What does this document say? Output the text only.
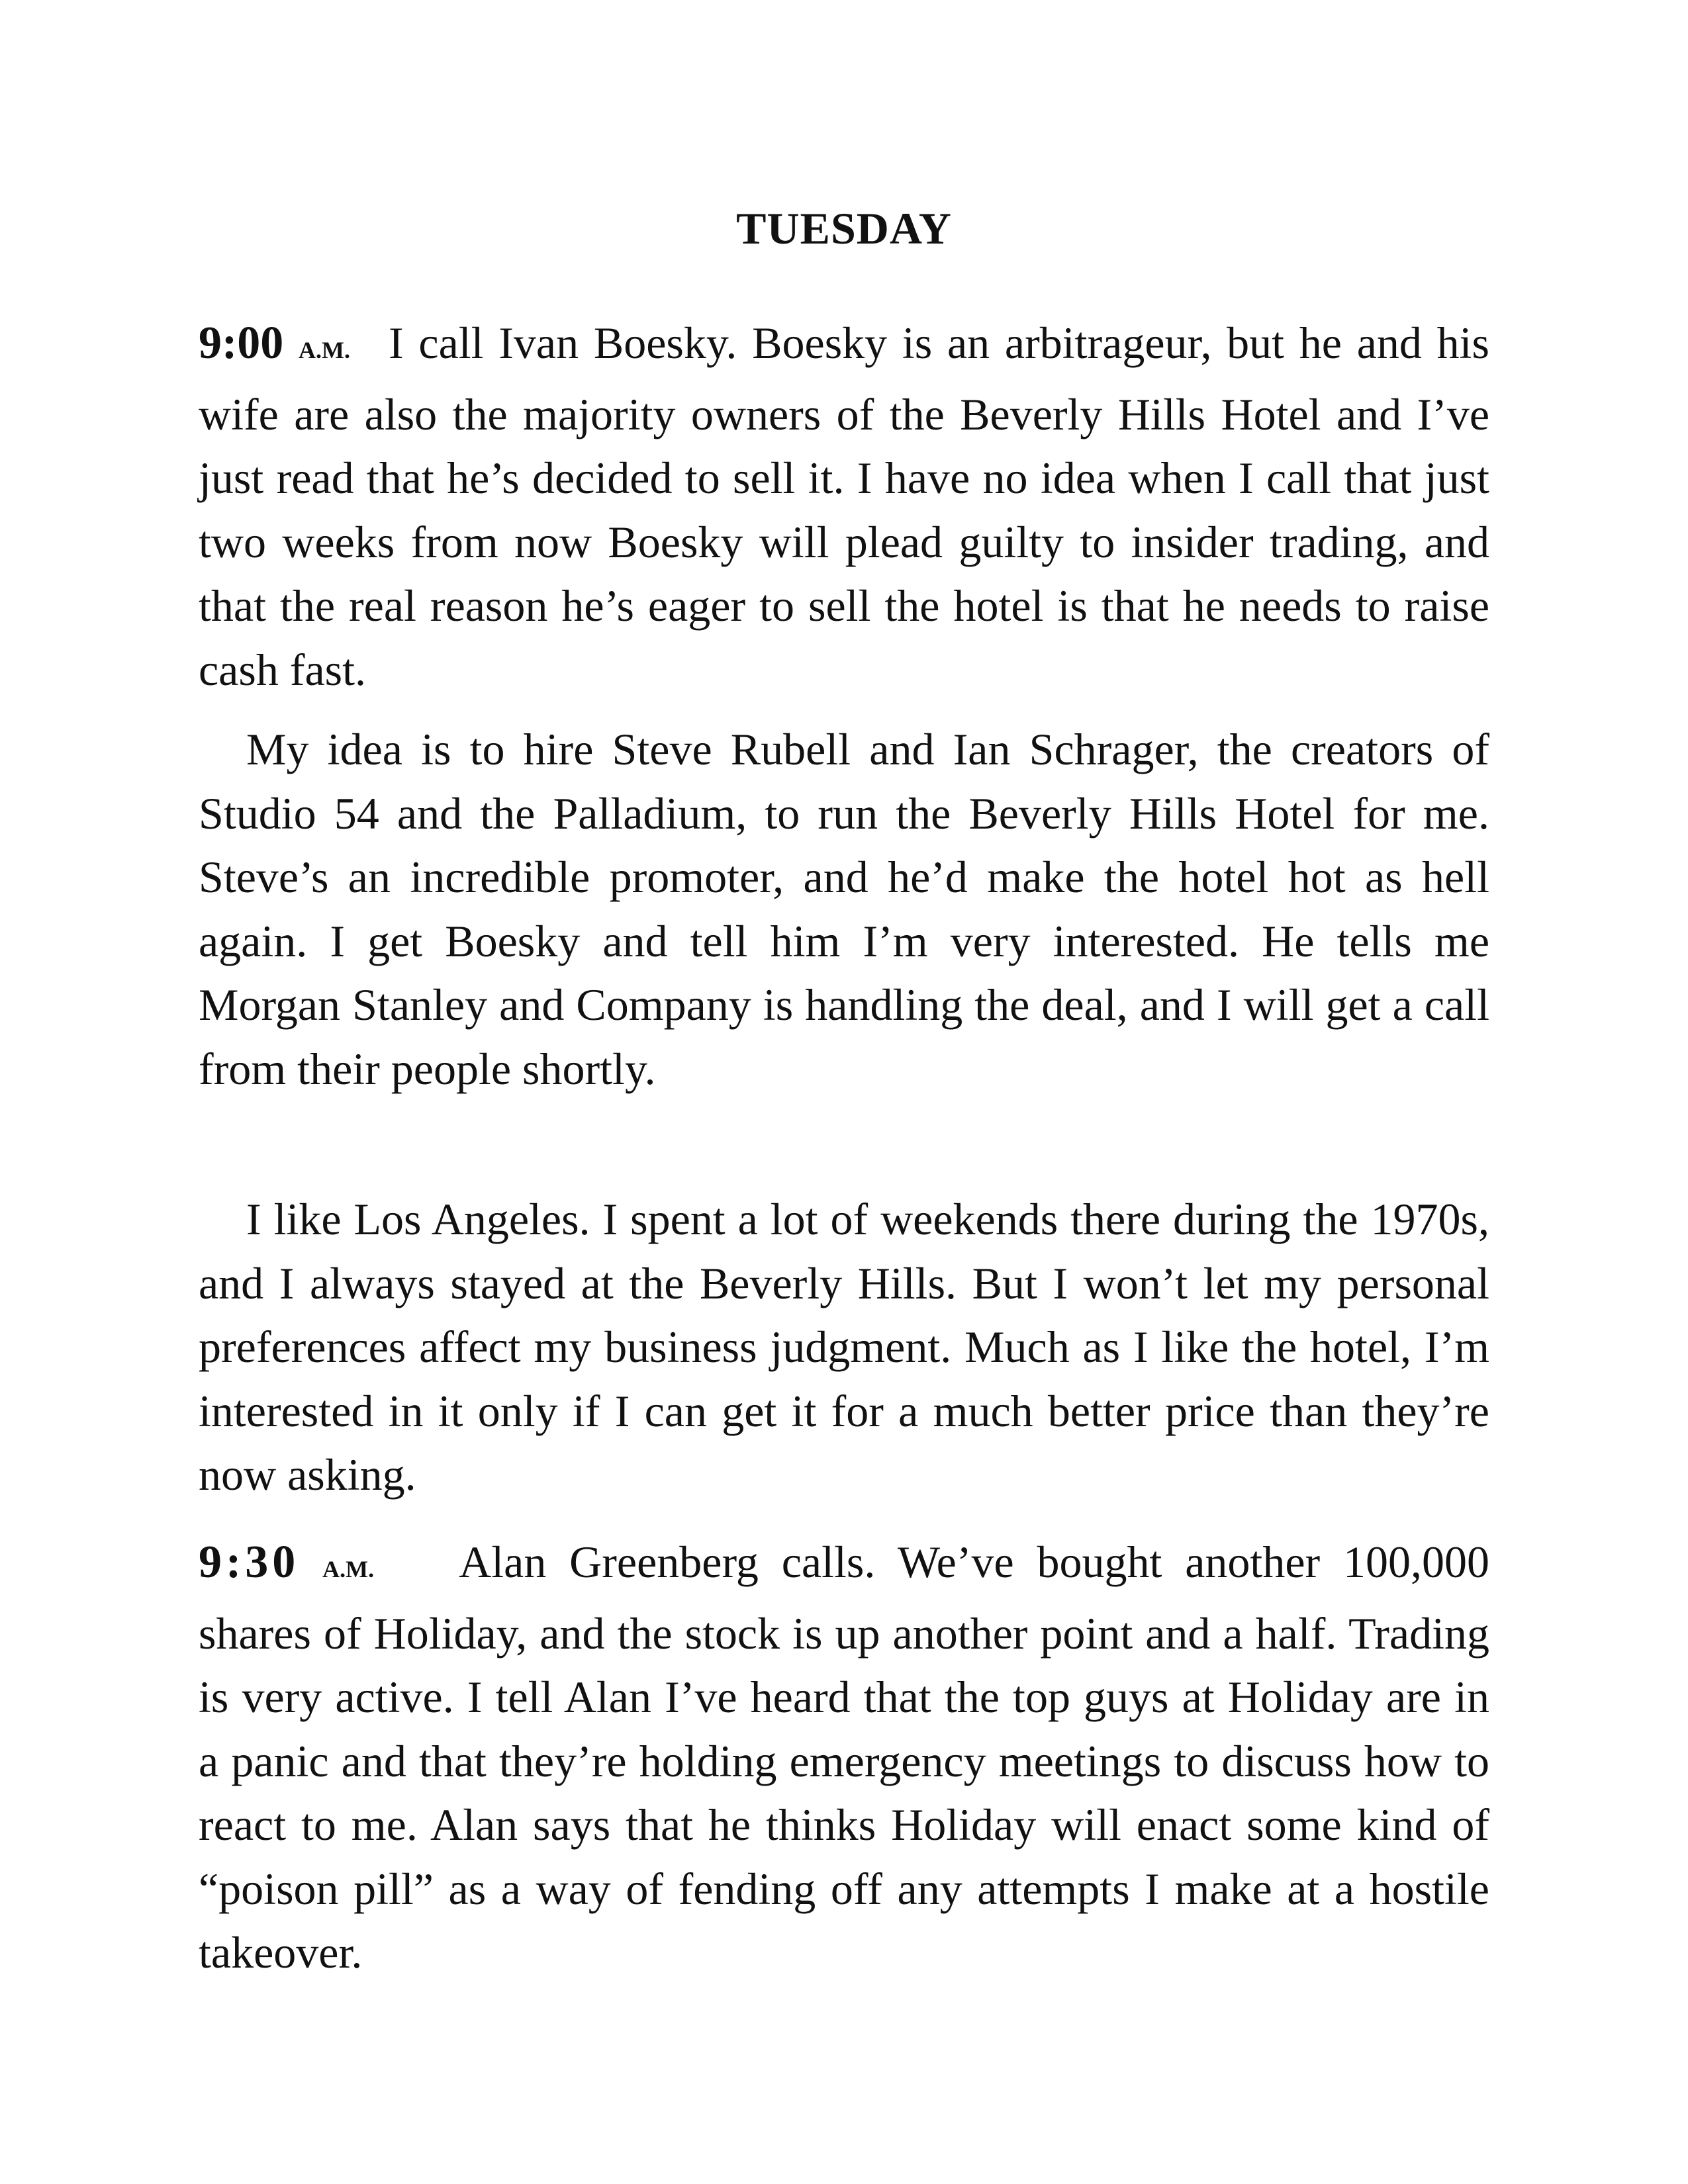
TUESDAY

9:00 A.M. I call Ivan Boesky. Boesky is an arbitrageur, but he and his wife are also the majority owners of the Beverly Hills Hotel and I’ve just read that he’s decided to sell it. I have no idea when I call that just two weeks from now Boesky will plead guilty to insider trading, and that the real reason he’s eager to sell the hotel is that he needs to raise cash fast.

My idea is to hire Steve Rubell and Ian Schrager, the creators of Studio 54 and the Palladium, to run the Beverly Hills Hotel for me. Steve’s an incredible promoter, and he’d make the hotel hot as hell again. I get Boesky and tell him I’m very interested. He tells me Morgan Stanley and Company is handling the deal, and I will get a call from their people shortly.

I like Los Angeles. I spent a lot of weekends there during the 1970s, and I always stayed at the Beverly Hills. But I won’t let my personal preferences affect my business judgment. Much as I like the hotel, I’m interested in it only if I can get it for a much better price than they’re now asking.

9:30 A.M. Alan Greenberg calls. We’ve bought another 100,000 shares of Holiday, and the stock is up another point and a half. Trading is very active. I tell Alan I’ve heard that the top guys at Holiday are in a panic and that they’re holding emergency meetings to discuss how to react to me. Alan says that he thinks Holiday will enact some kind of “poison pill” as a way of fending off any attempts I make at a hostile takeover.
